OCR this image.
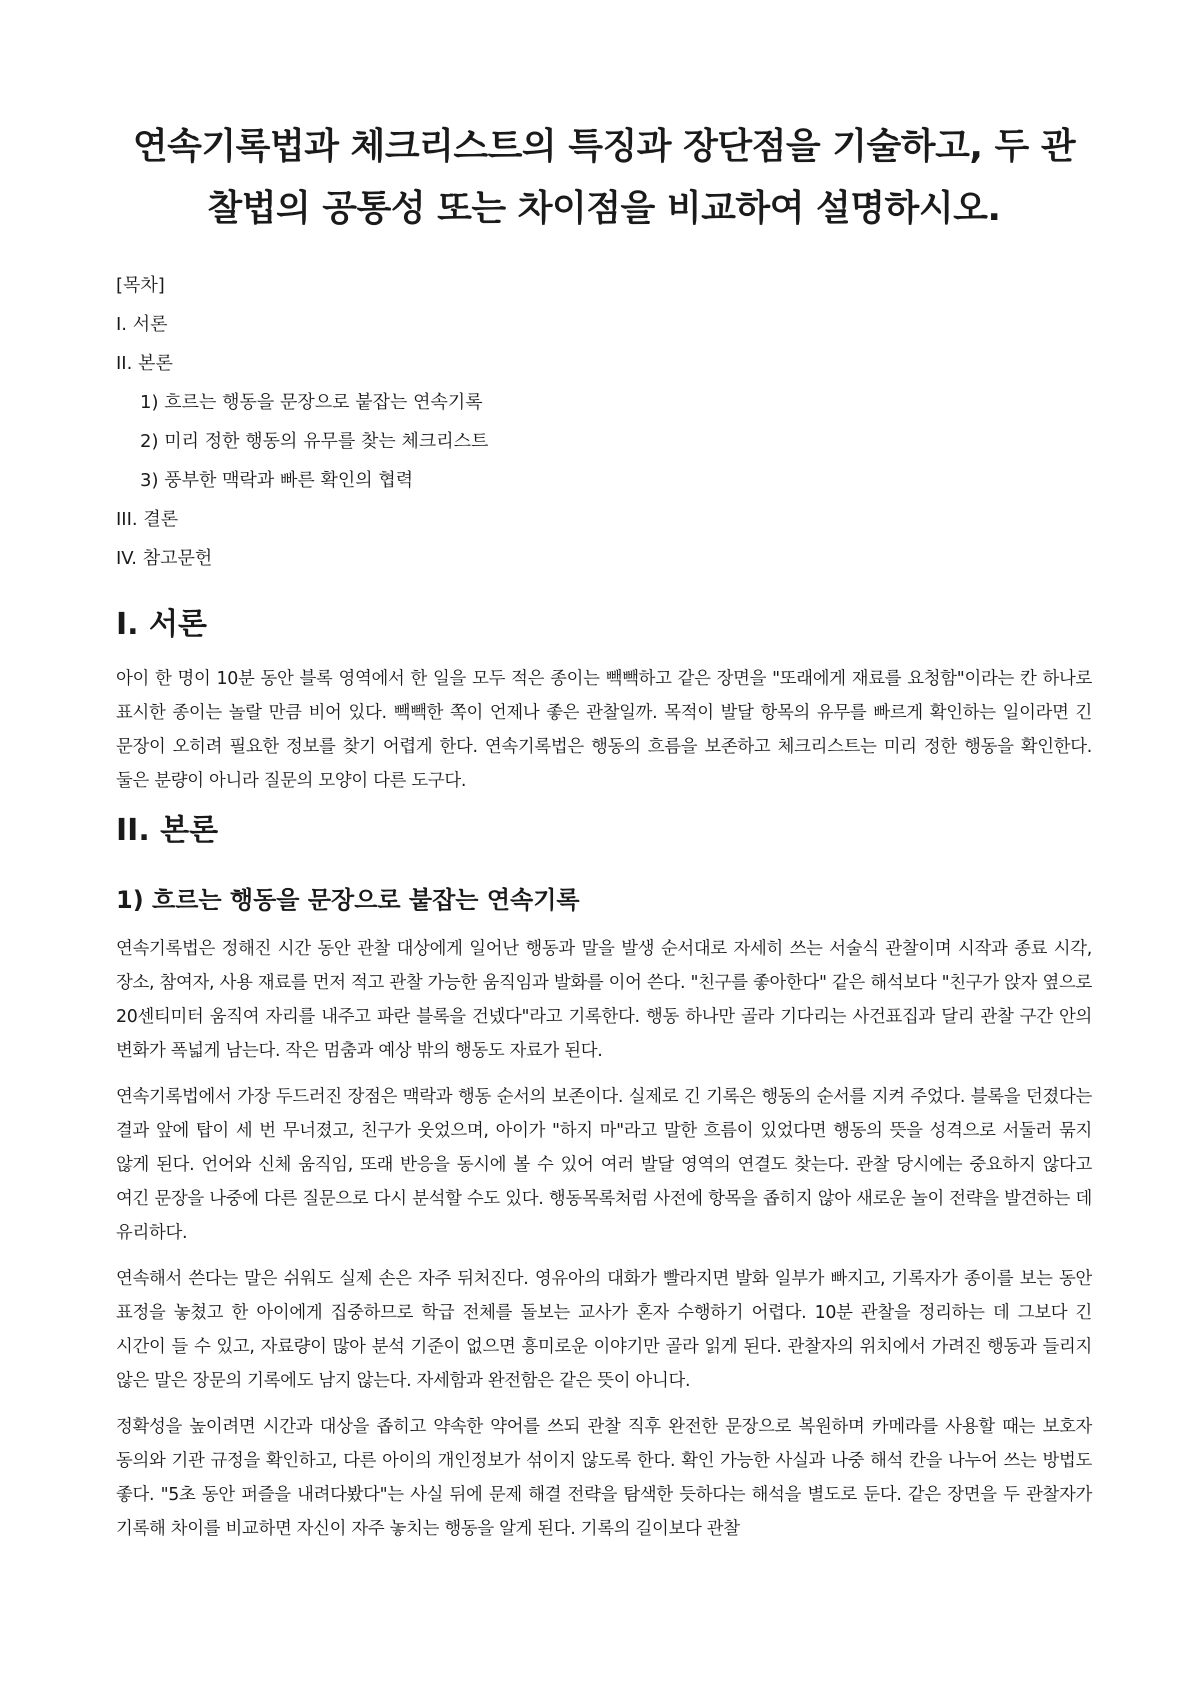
연속기록법과 체크리스트의 특징과 장단점을 기술하고, 두 관찰법의 공통성 또는 차이점을 비교하여 설명하시오.
[목차]
I. 서론
II. 본론
1) 흐르는 행동을 문장으로 붙잡는 연속기록
2) 미리 정한 행동의 유무를 찾는 체크리스트
3) 풍부한 맥락과 빠른 확인의 협력
III. 결론
IV. 참고문헌
I. 서론

아이 한 명이 10분 동안 블록 영역에서 한 일을 모두 적은 종이는 빽빽하고 같은 장면을 "또래에게 재료를 요청함"이라는 칸 하나로 표시한 종이는 놀랄 만큼 비어 있다. 빽빽한 쪽이 언제나 좋은 관찰일까. 목적이 발달 항목의 유무를 빠르게 확인하는 일이라면 긴 문장이 오히려 필요한 정보를 찾기 어렵게 한다. 연속기록법은 행동의 흐름을 보존하고 체크리스트는 미리 정한 행동을 확인한다. 둘은 분량이 아니라 질문의 모양이 다른 도구다.

II. 본론
1) 흐르는 행동을 문장으로 붙잡는 연속기록

연속기록법은 정해진 시간 동안 관찰 대상에게 일어난 행동과 말을 발생 순서대로 자세히 쓰는 서술식 관찰이며 시작과 종료 시각, 장소, 참여자, 사용 재료를 먼저 적고 관찰 가능한 움직임과 발화를 이어 쓴다. "친구를 좋아한다" 같은 해석보다 "친구가 앉자 옆으로 20센티미터 움직여 자리를 내주고 파란 블록을 건넸다"라고 기록한다. 행동 하나만 골라 기다리는 사건표집과 달리 관찰 구간 안의 변화가 폭넓게 남는다. 작은 멈춤과 예상 밖의 행동도 자료가 된다.

연속기록법에서 가장 두드러진 장점은 맥락과 행동 순서의 보존이다. 실제로 긴 기록은 행동의 순서를 지켜 주었다. 블록을 던졌다는 결과 앞에 탑이 세 번 무너졌고, 친구가 웃었으며, 아이가 "하지 마"라고 말한 흐름이 있었다면 행동의 뜻을 성격으로 서둘러 묶지 않게 된다. 언어와 신체 움직임, 또래 반응을 동시에 볼 수 있어 여러 발달 영역의 연결도 찾는다. 관찰 당시에는 중요하지 않다고 여긴 문장을 나중에 다른 질문으로 다시 분석할 수도 있다. 행동목록처럼 사전에 항목을 좁히지 않아 새로운 놀이 전략을 발견하는 데 유리하다.

연속해서 쓴다는 말은 쉬워도 실제 손은 자주 뒤처진다. 영유아의 대화가 빨라지면 발화 일부가 빠지고, 기록자가 종이를 보는 동안 표정을 놓쳤고 한 아이에게 집중하므로 학급 전체를 돌보는 교사가 혼자 수행하기 어렵다. 10분 관찰을 정리하는 데 그보다 긴 시간이 들 수 있고, 자료량이 많아 분석 기준이 없으면 흥미로운 이야기만 골라 읽게 된다. 관찰자의 위치에서 가려진 행동과 들리지 않은 말은 장문의 기록에도 남지 않는다. 자세함과 완전함은 같은 뜻이 아니다.

정확성을 높이려면 시간과 대상을 좁히고 약속한 약어를 쓰되 관찰 직후 완전한 문장으로 복원하며 카메라를 사용할 때는 보호자 동의와 기관 규정을 확인하고, 다른 아이의 개인정보가 섞이지 않도록 한다. 확인 가능한 사실과 나중 해석 칸을 나누어 쓰는 방법도 좋다. "5초 동안 퍼즐을 내려다봤다"는 사실 뒤에 문제 해결 전략을 탐색한 듯하다는 해석을 별도로 둔다. 같은 장면을 두 관찰자가 기록해 차이를 비교하면 자신이 자주 놓치는 행동을 알게 된다. 기록의 길이보다 관찰
